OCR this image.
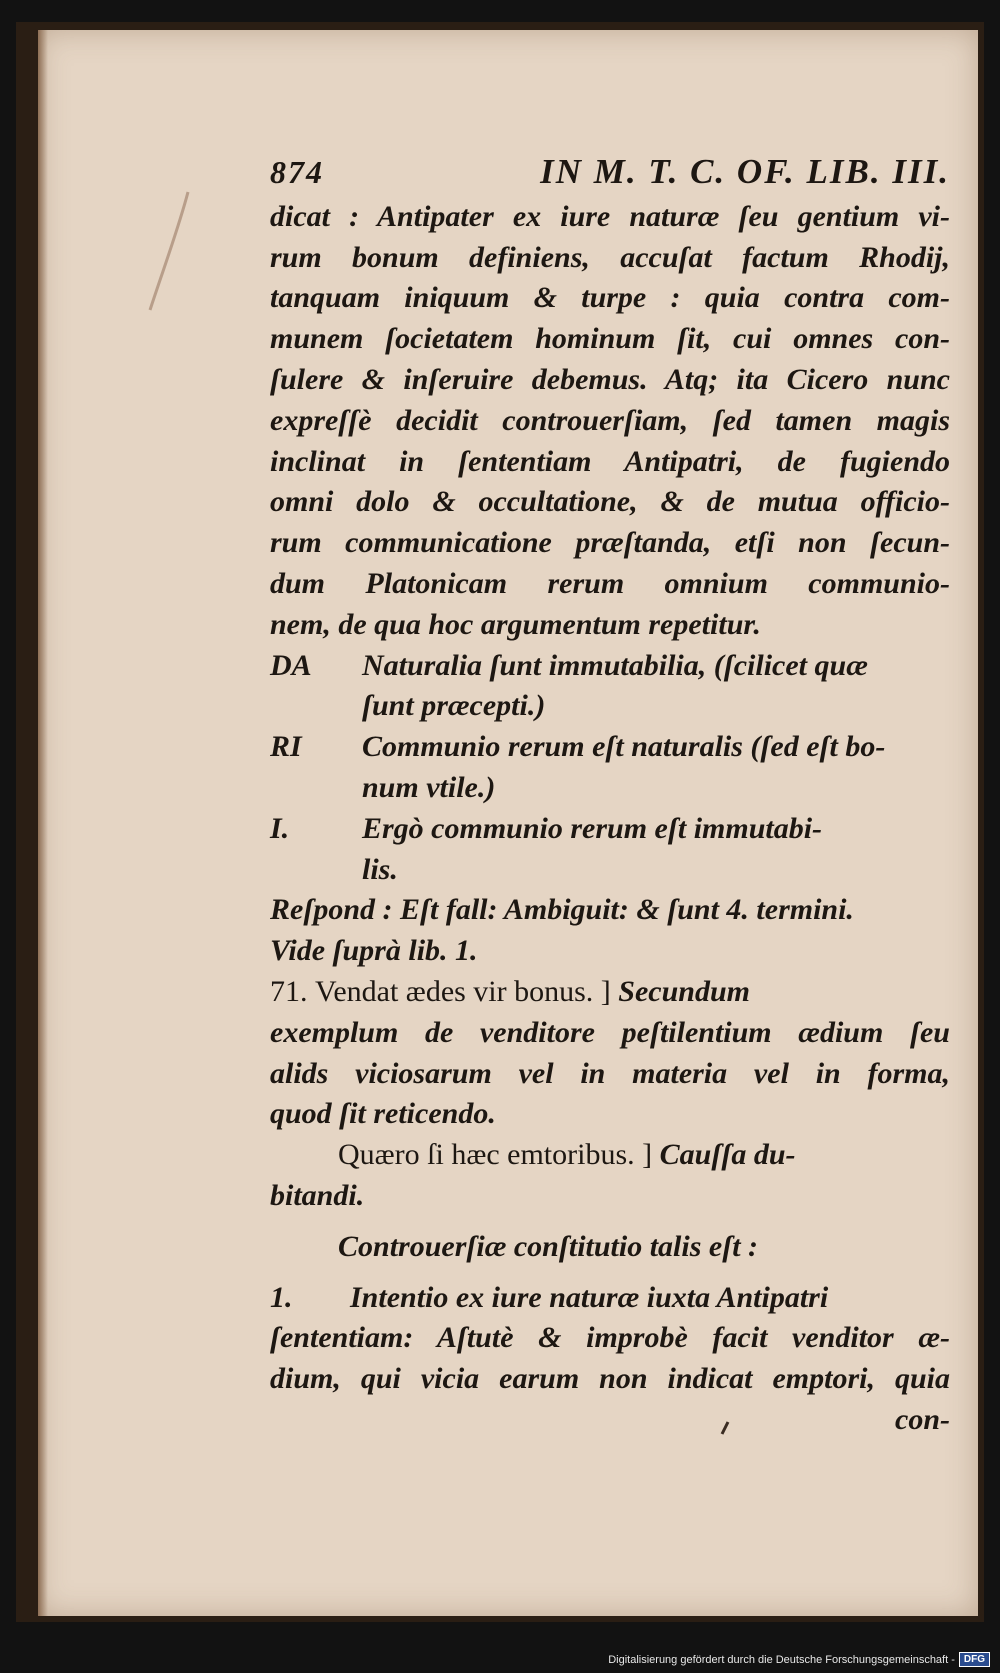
874	IN M. T. C. OF. LIB. III.
dicat : Antipater ex iure naturæ ſeu gentium vi-
rum bonum definiens, accuſat factum Rhodij,
tanquam iniquum & turpe : quia contra com-
munem ſocietatem hominum ſit, cui omnes con-
ſulere & inſeruire debemus. Atq; ita Cicero nunc
expreſſè decidit controuerſiam, ſed tamen magis
inclinat in ſententiam Antipatri, de fugiendo
omni dolo & occultatione, & de mutua officio-
rum communicatione præſtanda, etſi non ſecun-
dum Platonicam rerum omnium communio-
nem, de qua hoc argumentum repetitur.
DA	Naturalia ſunt immutabilia, (ſcilicet quæ
ſunt præcepti.)
RI	Communio rerum eſt naturalis (ſed eſt bo-
num vtile.)
I.	Ergò communio rerum eſt immutabi-
lis.
Reſpond : Eſt fall: Ambiguit: & ſunt 4. termini.
Vide ſuprà lib. 1.
71. Vendat ædes vir bonus. ] Secundum
exemplum de venditore peſtilentium ædium ſeu
alids viciosarum vel in materia vel in forma,
quod ſit reticendo.
Quæro ſi hæc emtoribus. ] Cauſſa du-
bitandi.
Controuerſiæ conſtitutio talis eſt :
1.	Intentio ex iure naturæ iuxta Antipatri
ſententiam: Aſtutè & improbè facit venditor æ-
dium, qui vicia earum non indicat emptori, quia
con-
Digitalisierung gefördert durch die Deutsche Forschungsgemeinschaft - DFG
